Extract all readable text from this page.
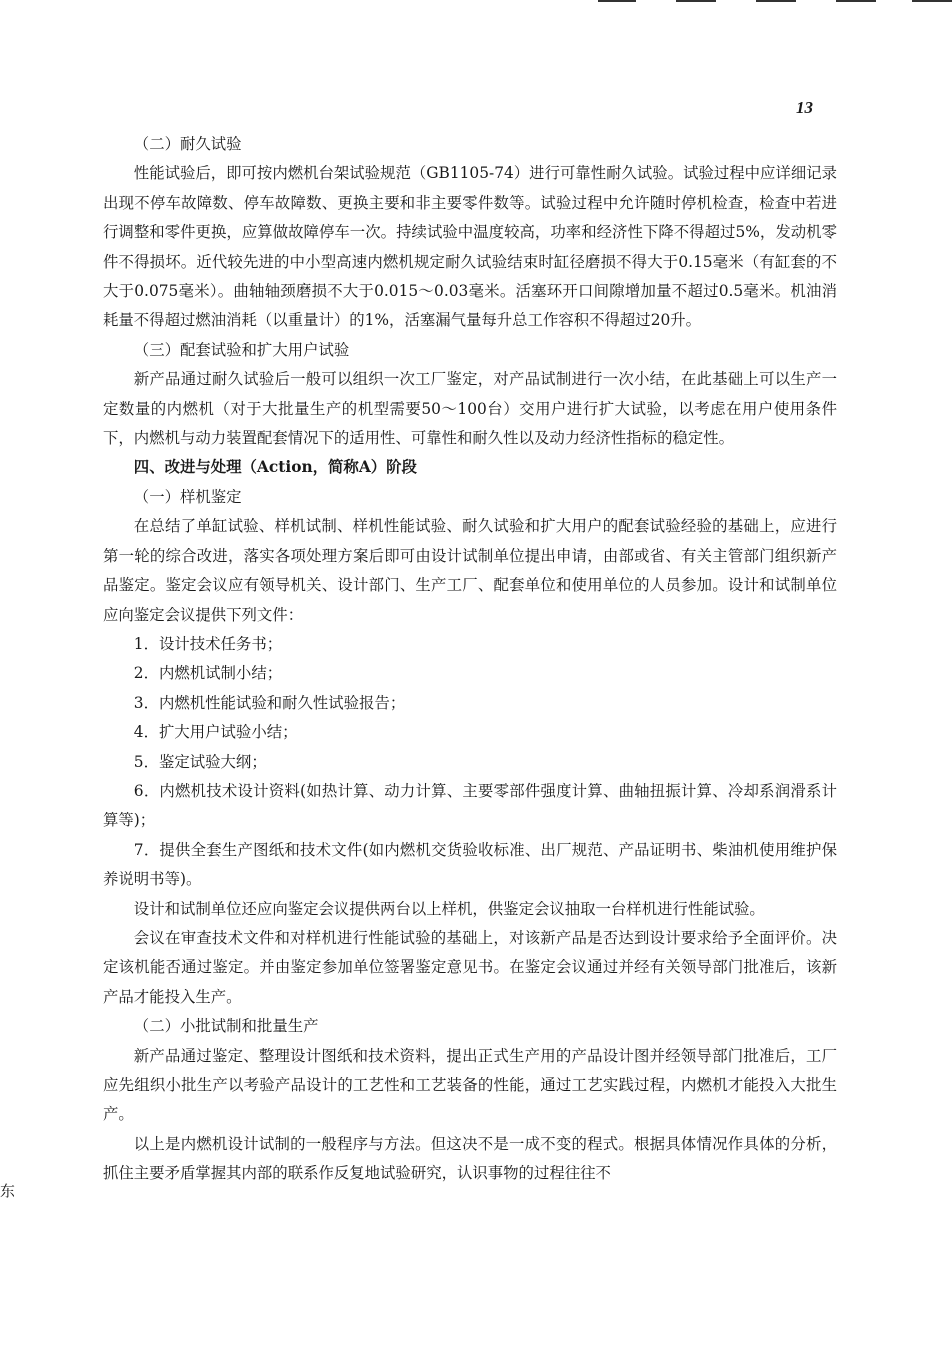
13

（二）耐久试验

性能试验后，即可按内燃机台架试验规范（GB1105-74）进行可靠性耐久试验。试验过程中应详细记录出现不停车故障数、停车故障数、更换主要和非主要零件数等。试验过程中允许随时停机检查，检查中若进行调整和零件更换，应算做故障停车一次。持续试验中温度较高，功率和经济性下降不得超过5%，发动机零件不得损坏。近代较先进的中小型高速内燃机规定耐久试验结束时缸径磨损不得大于0.15毫米（有缸套的不大于0.075毫米）。曲轴轴颈磨损不大于0.015～0.03毫米。活塞环开口间隙增加量不超过0.5毫米。机油消耗量不得超过燃油消耗（以重量计）的1%，活塞漏气量每升总工作容积不得超过20升。

（三）配套试验和扩大用户试验

新产品通过耐久试验后一般可以组织一次工厂鉴定，对产品试制进行一次小结，在此基础上可以生产一定数量的内燃机（对于大批量生产的机型需要50～100台）交用户进行扩大试验，以考虑在用户使用条件下，内燃机与动力装置配套情况下的适用性、可靠性和耐久性以及动力经济性指标的稳定性。

四、改进与处理（Action，简称A）阶段

（一）样机鉴定

在总结了单缸试验、样机试制、样机性能试验、耐久试验和扩大用户的配套试验经验的基础上，应进行第一轮的综合改进，落实各项处理方案后即可由设计试制单位提出申请，由部或省、有关主管部门组织新产品鉴定。鉴定会议应有领导机关、设计部门、生产工厂、配套单位和使用单位的人员参加。设计和试制单位应向鉴定会议提供下列文件：

1．设计技术任务书；

2．内燃机试制小结；

3．内燃机性能试验和耐久性试验报告；

4．扩大用户试验小结；

5．鉴定试验大纲；

6．内燃机技术设计资料(如热计算、动力计算、主要零部件强度计算、曲轴扭振计算、冷却系润滑系计算等)；

7．提供全套生产图纸和技术文件(如内燃机交货验收标准、出厂规范、产品证明书、柴油机使用维护保养说明书等)。

设计和试制单位还应向鉴定会议提供两台以上样机，供鉴定会议抽取一台样机进行性能试验。

会议在审查技术文件和对样机进行性能试验的基础上，对该新产品是否达到设计要求给予全面评价。决定该机能否通过鉴定。并由鉴定参加单位签署鉴定意见书。在鉴定会议通过并经有关领导部门批准后，该新产品才能投入生产。

（二）小批试制和批量生产

新产品通过鉴定、整理设计图纸和技术资料，提出正式生产用的产品设计图并经领导部门批准后，工厂应先组织小批生产以考验产品设计的工艺性和工艺装备的性能，通过工艺实践过程，内燃机才能投入大批生产。

以上是内燃机设计试制的一般程序与方法。但这决不是一成不变的程式。根据具体情况作具体的分析，抓住主要矛盾掌握其内部的联系作反复地试验研究，认识事物的过程往往不

东
